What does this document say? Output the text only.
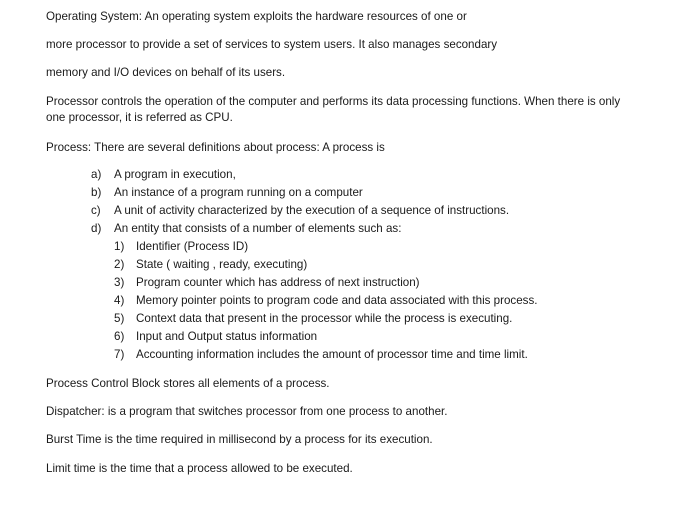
Operating System: An operating system exploits the hardware resources of one or

more processor to provide a set of services to system users. It also manages secondary

memory and I/O devices on behalf of its users.

Processor controls the operation of the computer and performs its data processing functions. When there is only one processor, it is referred as CPU.

Process: There are several definitions about process: A process is

a) A program in execution,
b) An instance of a program running on a computer
c) A unit of activity characterized by the execution of a sequence of instructions.
d) An entity that consists of a number of elements such as:
1) Identifier (Process ID)
2) State ( waiting , ready, executing)
3) Program counter which has address of next instruction)
4) Memory pointer points to program code and data associated with this process.
5) Context data that present in the processor while the process is executing.
6) Input and Output status information
7) Accounting information includes the amount of processor time and time limit.

Process Control Block stores all elements of a process.

Dispatcher: is a program that switches processor from one process to another.

Burst Time is the time required in millisecond by a process for its execution.

Limit time is the time that a process allowed to be executed.
